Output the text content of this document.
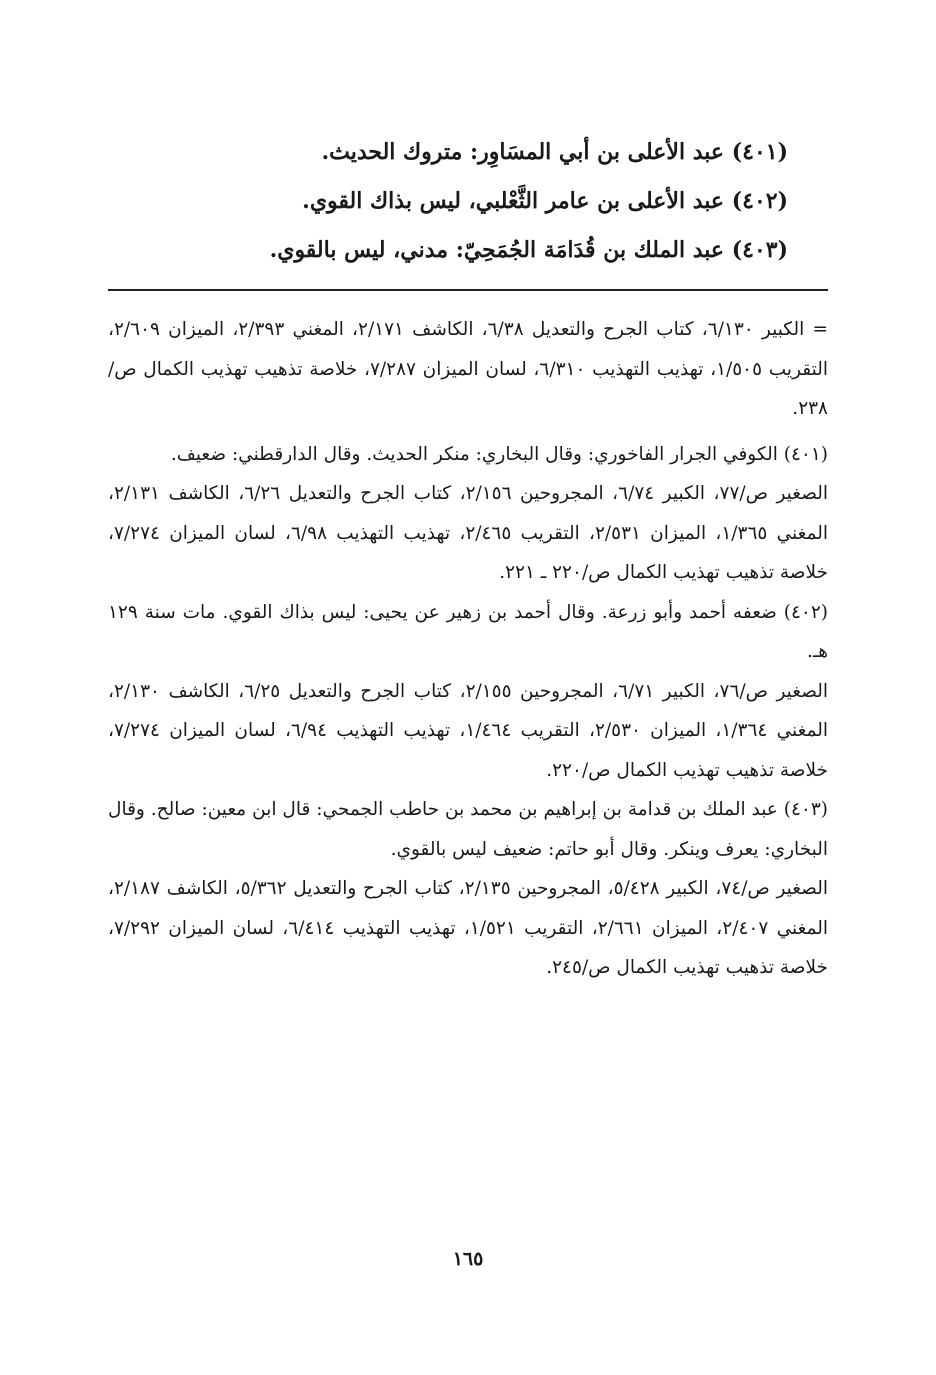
(٤٠١) عبد الأعلى بن أبي المسَاوِر: متروك الحديث.
(٤٠٢) عبد الأعلى بن عامر الثَّعْلبي، ليس بذاك القوي.
(٤٠٣) عبد الملك بن قُدَامَة الجُمَحِيّ: مدني، ليس بالقوي.

= الكبير ٦/١٣٠، كتاب الجرح والتعديل ٦/٣٨، الكاشف ٢/١٧١، المغني ٢/٣٩٣، الميزان ٢/٦٠٩، التقريب ١/٥٠٥، تهذيب التهذيب ٦/٣١٠، لسان الميزان ٧/٢٨٧، خلاصة تذهيب تهذيب الكمال ص/٢٣٨.

(٤٠١) الكوفي الجرار الفاخوري: وقال البخاري: منكر الحديث. وقال الدارقطني: ضعيف.

الصغير ص/٧٧، الكبير ٦/٧٤، المجروحين ٢/١٥٦، كتاب الجرح والتعديل ٦/٢٦، الكاشف ٢/١٣١، المغني ١/٣٦٥، الميزان ٢/٥٣١، التقريب ٢/٤٦٥، تهذيب التهذيب ٦/٩٨، لسان الميزان ٧/٢٧٤، خلاصة تذهيب تهذيب الكمال ص/٢٢٠ ـ ٢٢١.

(٤٠٢) ضعفه أحمد وأبو زرعة. وقال أحمد بن زهير عن يحيى: ليس بذاك القوي. مات سنة ١٢٩ هـ.

الصغير ص/٧٦، الكبير ٦/٧١، المجروحين ٢/١٥٥، كتاب الجرح والتعديل ٦/٢٥، الكاشف ٢/١٣٠، المغني ١/٣٦٤، الميزان ٢/٥٣٠، التقريب ١/٤٦٤، تهذيب التهذيب ٦/٩٤، لسان الميزان ٧/٢٧٤، خلاصة تذهيب تهذيب الكمال ص/٢٢٠.

(٤٠٣) عبد الملك بن قدامة بن إبراهيم بن محمد بن حاطب الجمحي: قال ابن معين: صالح. وقال البخاري: يعرف وينكر. وقال أبو حاتم: ضعيف ليس بالقوي.

الصغير ص/٧٤، الكبير ٥/٤٢٨، المجروحين ٢/١٣٥، كتاب الجرح والتعديل ٥/٣٦٢، الكاشف ٢/١٨٧، المغني ٢/٤٠٧، الميزان ٢/٦٦١، التقريب ١/٥٢١، تهذيب التهذيب ٦/٤١٤، لسان الميزان ٧/٢٩٢، خلاصة تذهيب تهذيب الكمال ص/٢٤٥.

١٦٥
